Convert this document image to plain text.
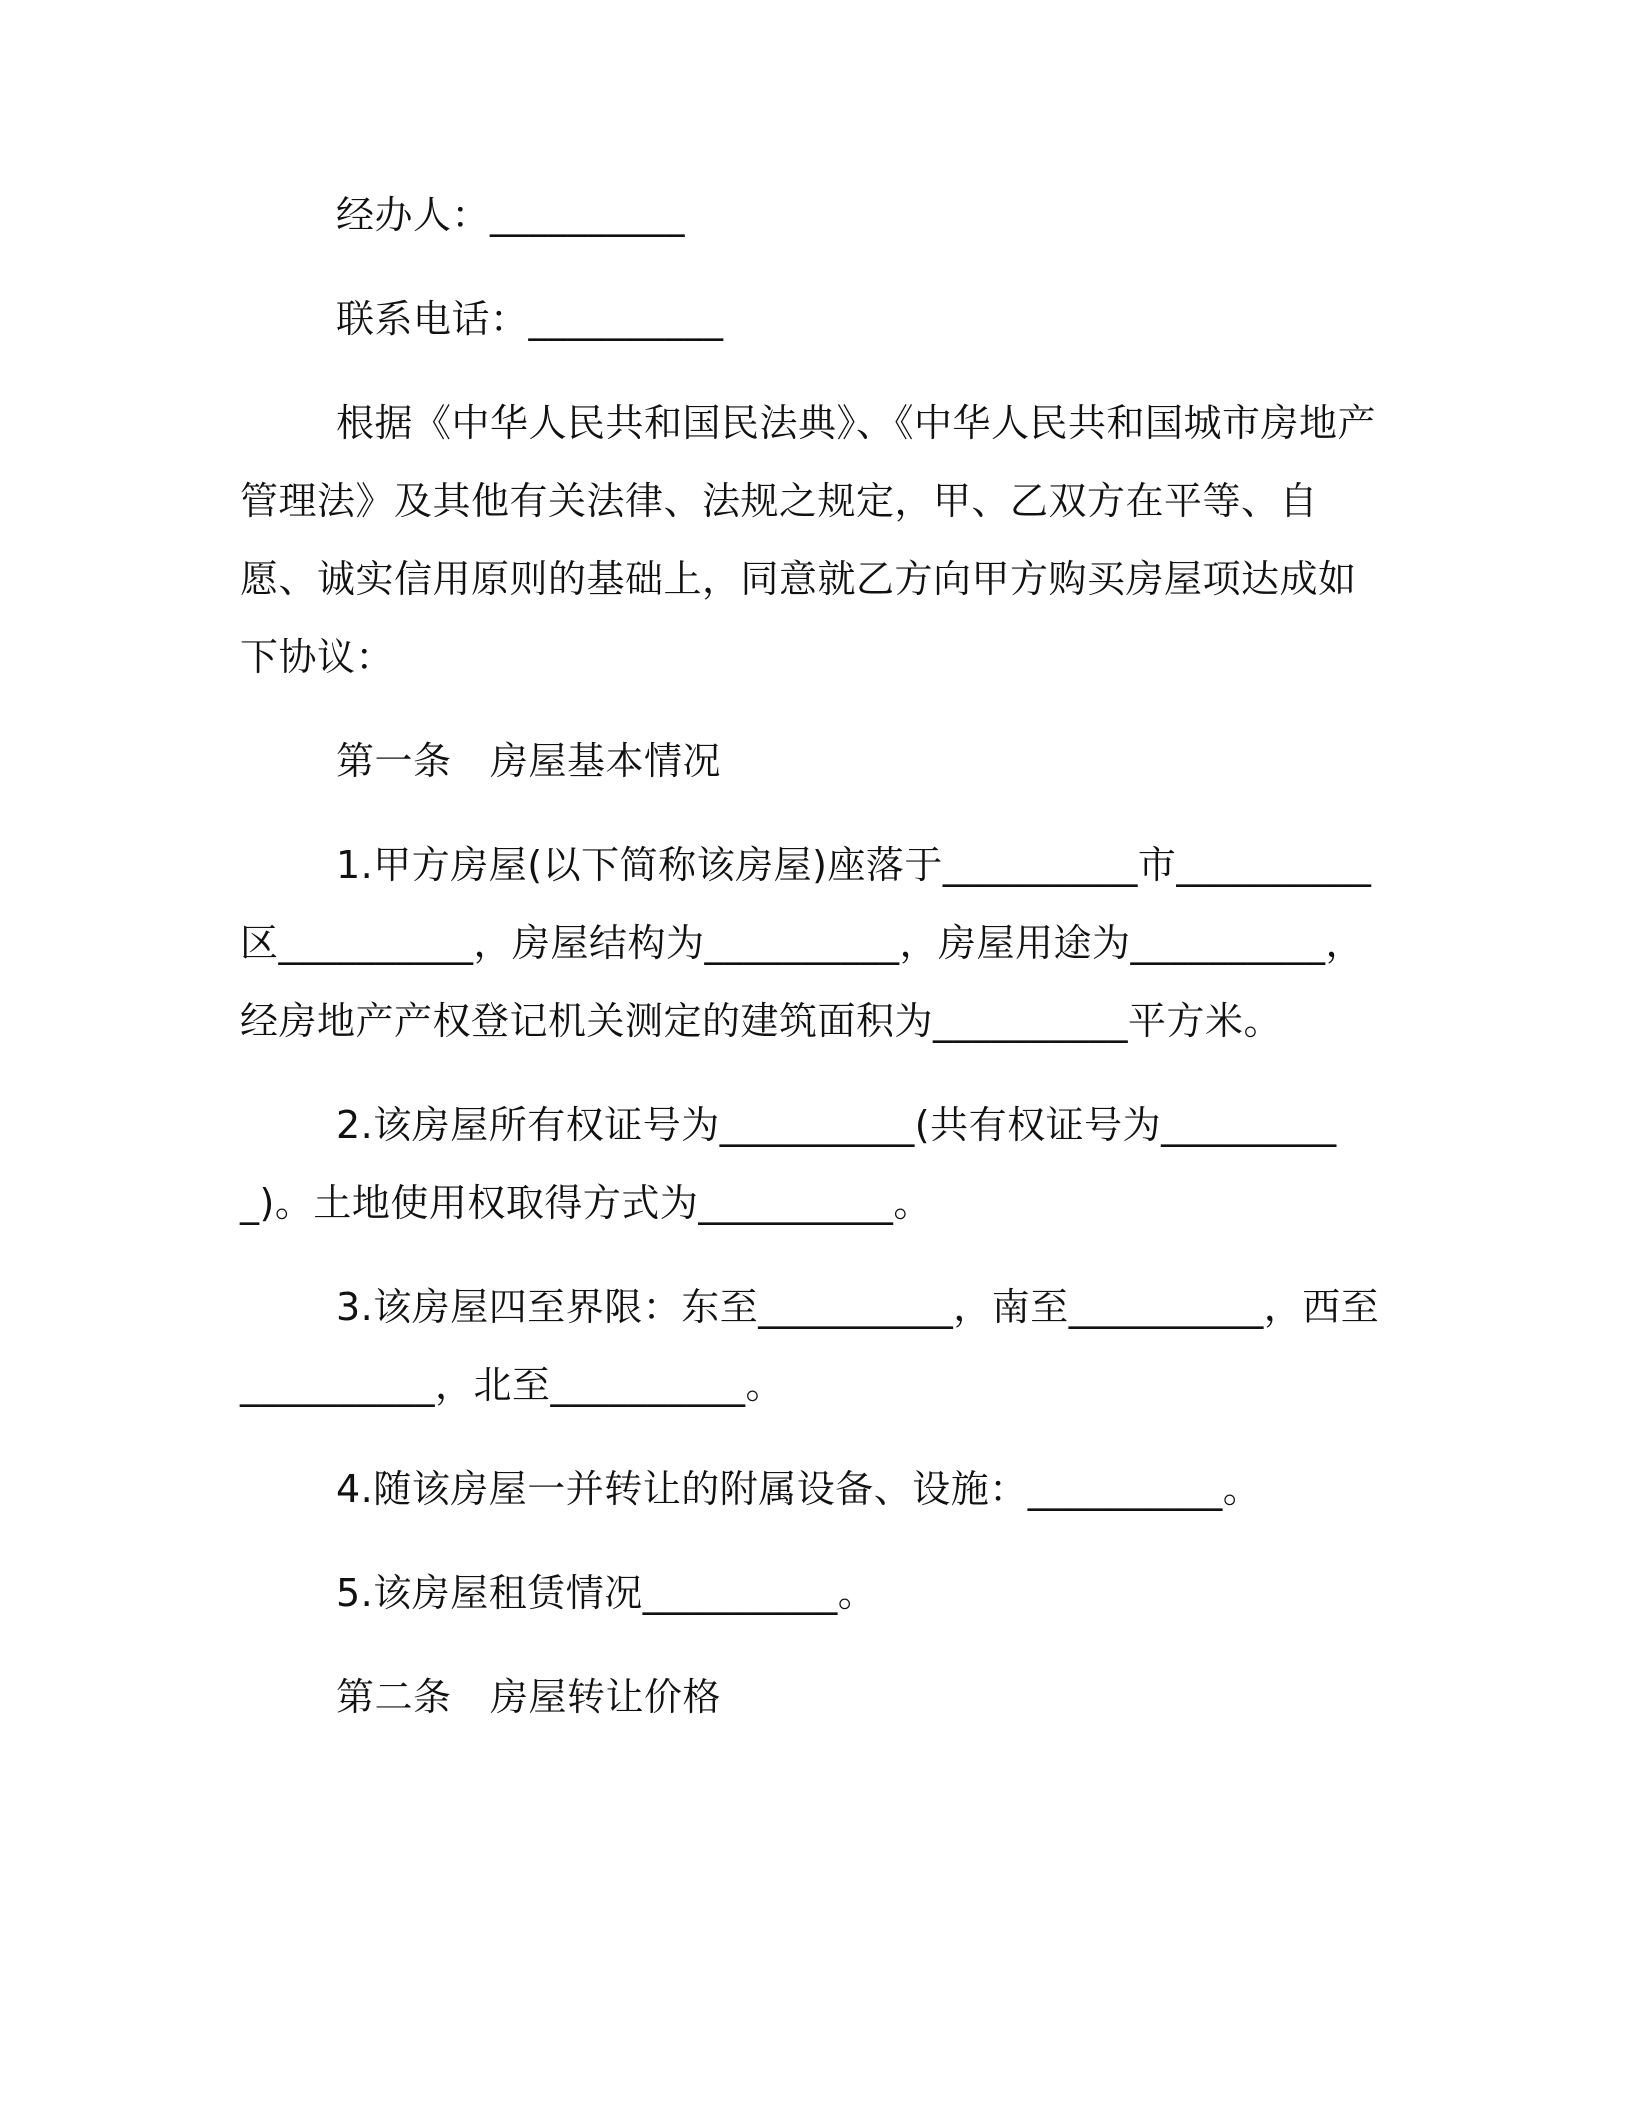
经办人：__________

联系电话：__________

根据《中华人民共和国民法典》、《中华人民共和国城市房地产管理法》及其他有关法律、法规之规定，甲、乙双方在平等、自愿、诚实信用原则的基础上，同意就乙方向甲方购买房屋项达成如下协议：

第一条　房屋基本情况

1.甲方房屋(以下简称该房屋)座落于__________市__________区__________，房屋结构为__________，房屋用途为__________，经房地产产权登记机关测定的建筑面积为__________平方米。

2.该房屋所有权证号为__________(共有权证号为__________)。土地使用权取得方式为__________。

3.该房屋四至界限：东至__________，南至__________，西至__________，北至__________。

4.随该房屋一并转让的附属设备、设施：__________。

5.该房屋租赁情况__________。

第二条　房屋转让价格
